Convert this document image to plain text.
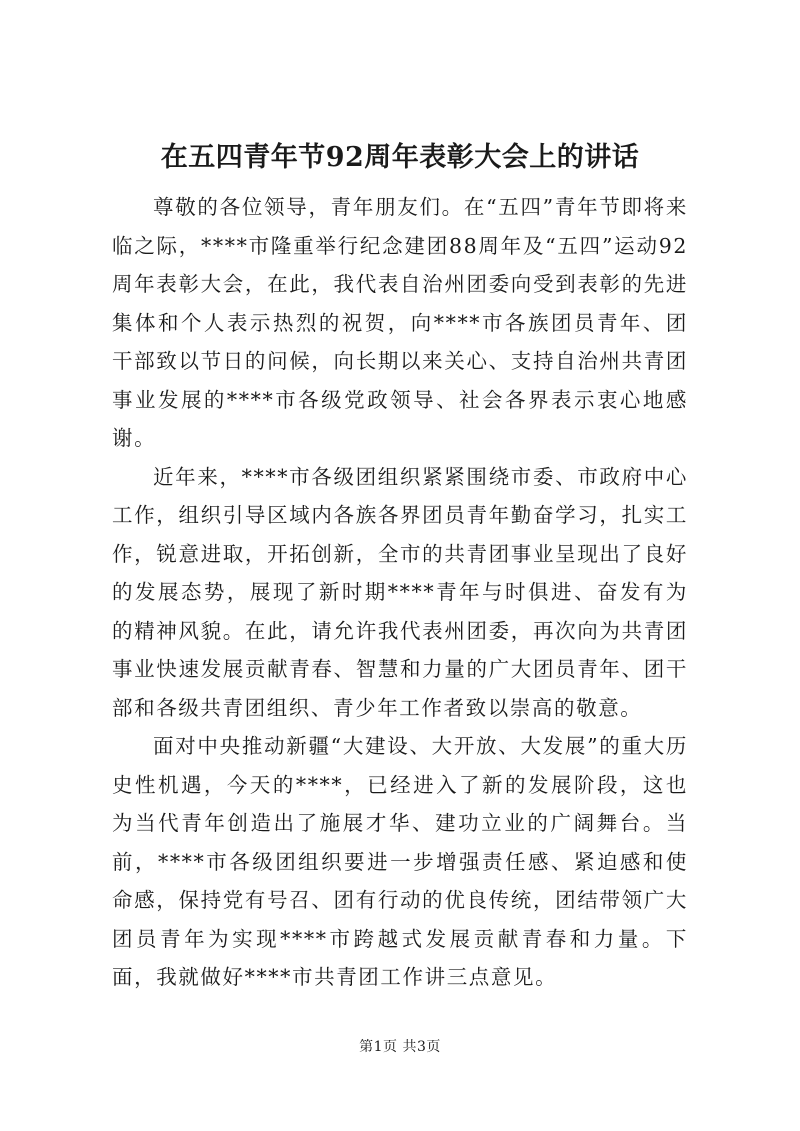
在五四青年节92周年表彰大会上的讲话

尊敬的各位领导，青年朋友们。在“五四”青年节即将来临之际，****市隆重举行纪念建团88周年及“五四”运动92周年表彰大会，在此，我代表自治州团委向受到表彰的先进集体和个人表示热烈的祝贺，向****市各族团员青年、团干部致以节日的问候，向长期以来关心、支持自治州共青团事业发展的****市各级党政领导、社会各界表示衷心地感谢。

近年来，****市各级团组织紧紧围绕市委、市政府中心工作，组织引导区域内各族各界团员青年勤奋学习，扎实工作，锐意进取，开拓创新，全市的共青团事业呈现出了良好的发展态势，展现了新时期****青年与时俱进、奋发有为的精神风貌。在此，请允许我代表州团委，再次向为共青团事业快速发展贡献青春、智慧和力量的广大团员青年、团干部和各级共青团组织、青少年工作者致以崇高的敬意。

面对中央推动新疆“大建设、大开放、大发展”的重大历史性机遇，今天的****，已经进入了新的发展阶段，这也为当代青年创造出了施展才华、建功立业的广阔舞台。当前，****市各级团组织要进一步增强责任感、紧迫感和使命感，保持党有号召、团有行动的优良传统，团结带领广大团员青年为实现****市跨越式发展贡献青春和力量。下面，我就做好****市共青团工作讲三点意见。

第1页 共3页
